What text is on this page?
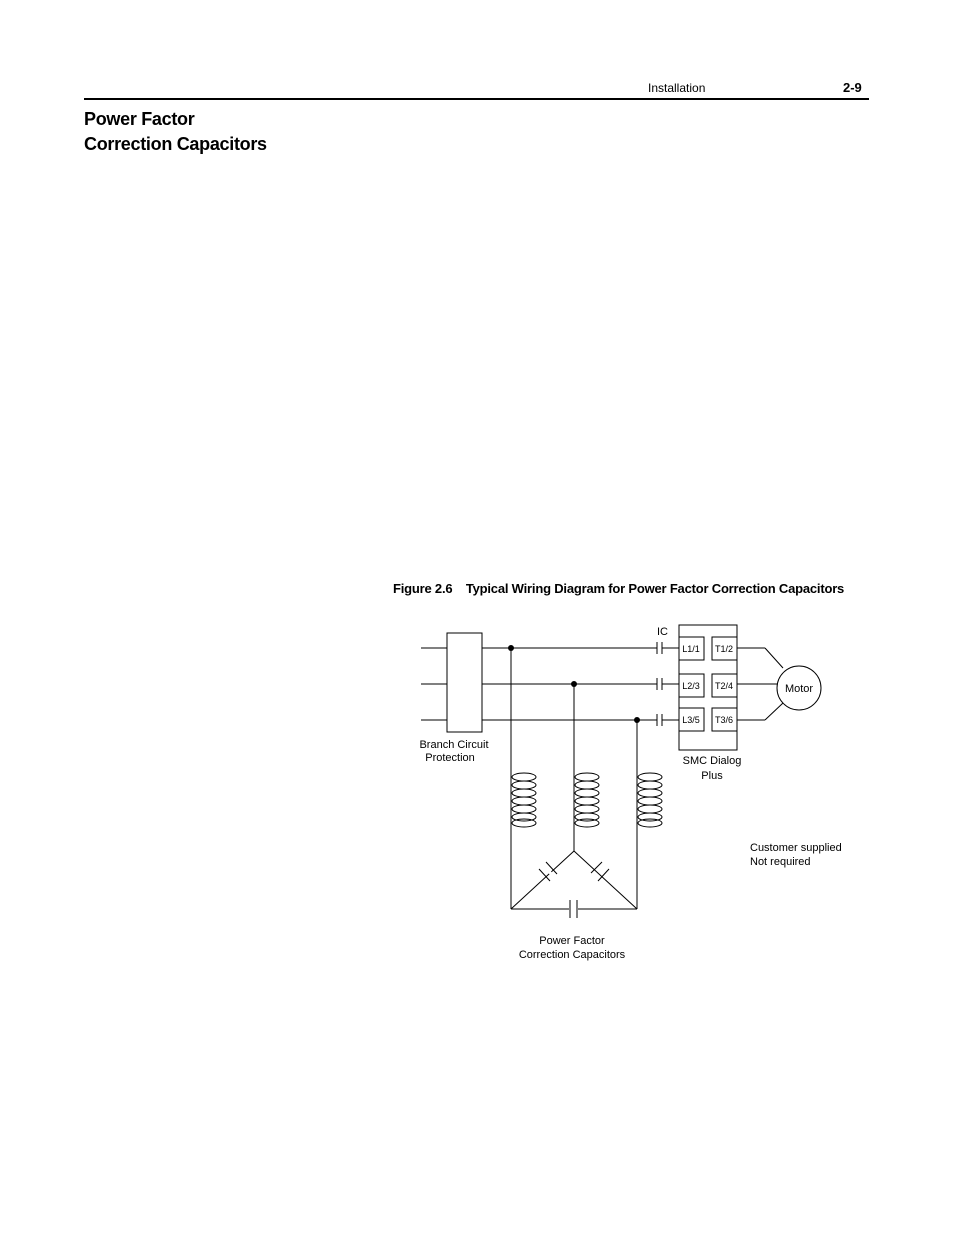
Installation	2-9
Power Factor
Correction Capacitors
Figure 2.6 Typical Wiring Diagram for Power Factor Correction Capacitors
Branch Circuit
Protection
IC
L1/1
L2/3
L3/5
T1/2
T2/4
T3/6
Motor
SMC Dialog
Plus
Customer supplied
Not required
Power Factor
Correction Capacitors
